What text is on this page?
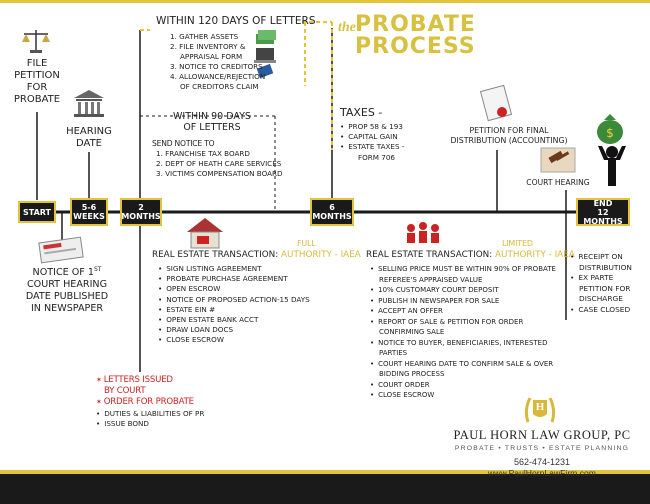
the PROBATE
PROCESS
$
FILE
PETITION
FOR
PROBATE
HEARING
DATE
WITHIN 120 DAYS OF LETTERS
1. GATHER ASSETS
2. FILE INVENTORY &
APPRAISAL FORM
3. NOTICE TO CREDITORS
4. ALLOWANCE/REJECTION
OF CREDITORS CLAIM
WITHIN 90 DAYS
OF LETTERS
SEND NOTICE TO
1. FRANCHISE TAX BOARD
2. DEPT OF HEATH CARE SERVICES
3. VICTIMS COMPENSATION BOARD
TAXES -
• PROP 58 & 193
• CAPITAL GAIN
• ESTATE TAXES -
FORM 706
PETITION FOR FINAL
DISTRIBUTION (ACCOUNTING)
COURT HEARING
START	5-6
WEEKS
2
MONTHS
6
MONTHS
END
12 MONTHS
NOTICE OF 1ST
COURT HEARING
DATE PUBLISHED
IN NEWSPAPER
✶ LETTERS ISSUED
BY COURT
✶ ORDER FOR PROBATE
• DUTIES & LIABILITIES OF PR
• ISSUE BOND
FULL
REAL ESTATE TRANSACTION: AUTHORITY - IAEA
• SIGN LISTING AGREEMENT
• PROBATE PURCHASE AGREEMENT
• OPEN ESCROW
• NOTICE OF PROPOSED ACTION-15 DAYS
• ESTATE EIN #
• OPEN ESTATE BANK ACCT
• DRAW LOAN DOCS
• CLOSE ESCROW
LIMITED
REAL ESTATE TRANSACTION: AUTHORITY - IAEA
• SELLING PRICE MUST BE WITHIN 90% OF PROBATE
REFEREE'S APPRAISED VALUE
• 10% CUSTOMARY COURT DEPOSIT
• PUBLISH IN NEWSPAPER FOR SALE
• ACCEPT AN OFFER
• REPORT OF SALE & PETITION FOR ORDER
CONFIRMING SALE
• NOTICE TO BUYER, BENEFICIARIES, INTERESTED
PARTIES
• COURT HEARING DATE TO CONFIRM SALE & OVER
BIDDING PROCESS
• COURT ORDER
• CLOSE ESCROW
• RECEIPT ON
DISTRIBUTION
• EX PARTE
PETITION FOR
DISCHARGE
• CASE CLOSED
H
PAUL HORN LAW GROUP, PC
PROBATE • TRUSTS • ESTATE PLANNING
562-474-1231
www.PaulHornLawFirm.com
